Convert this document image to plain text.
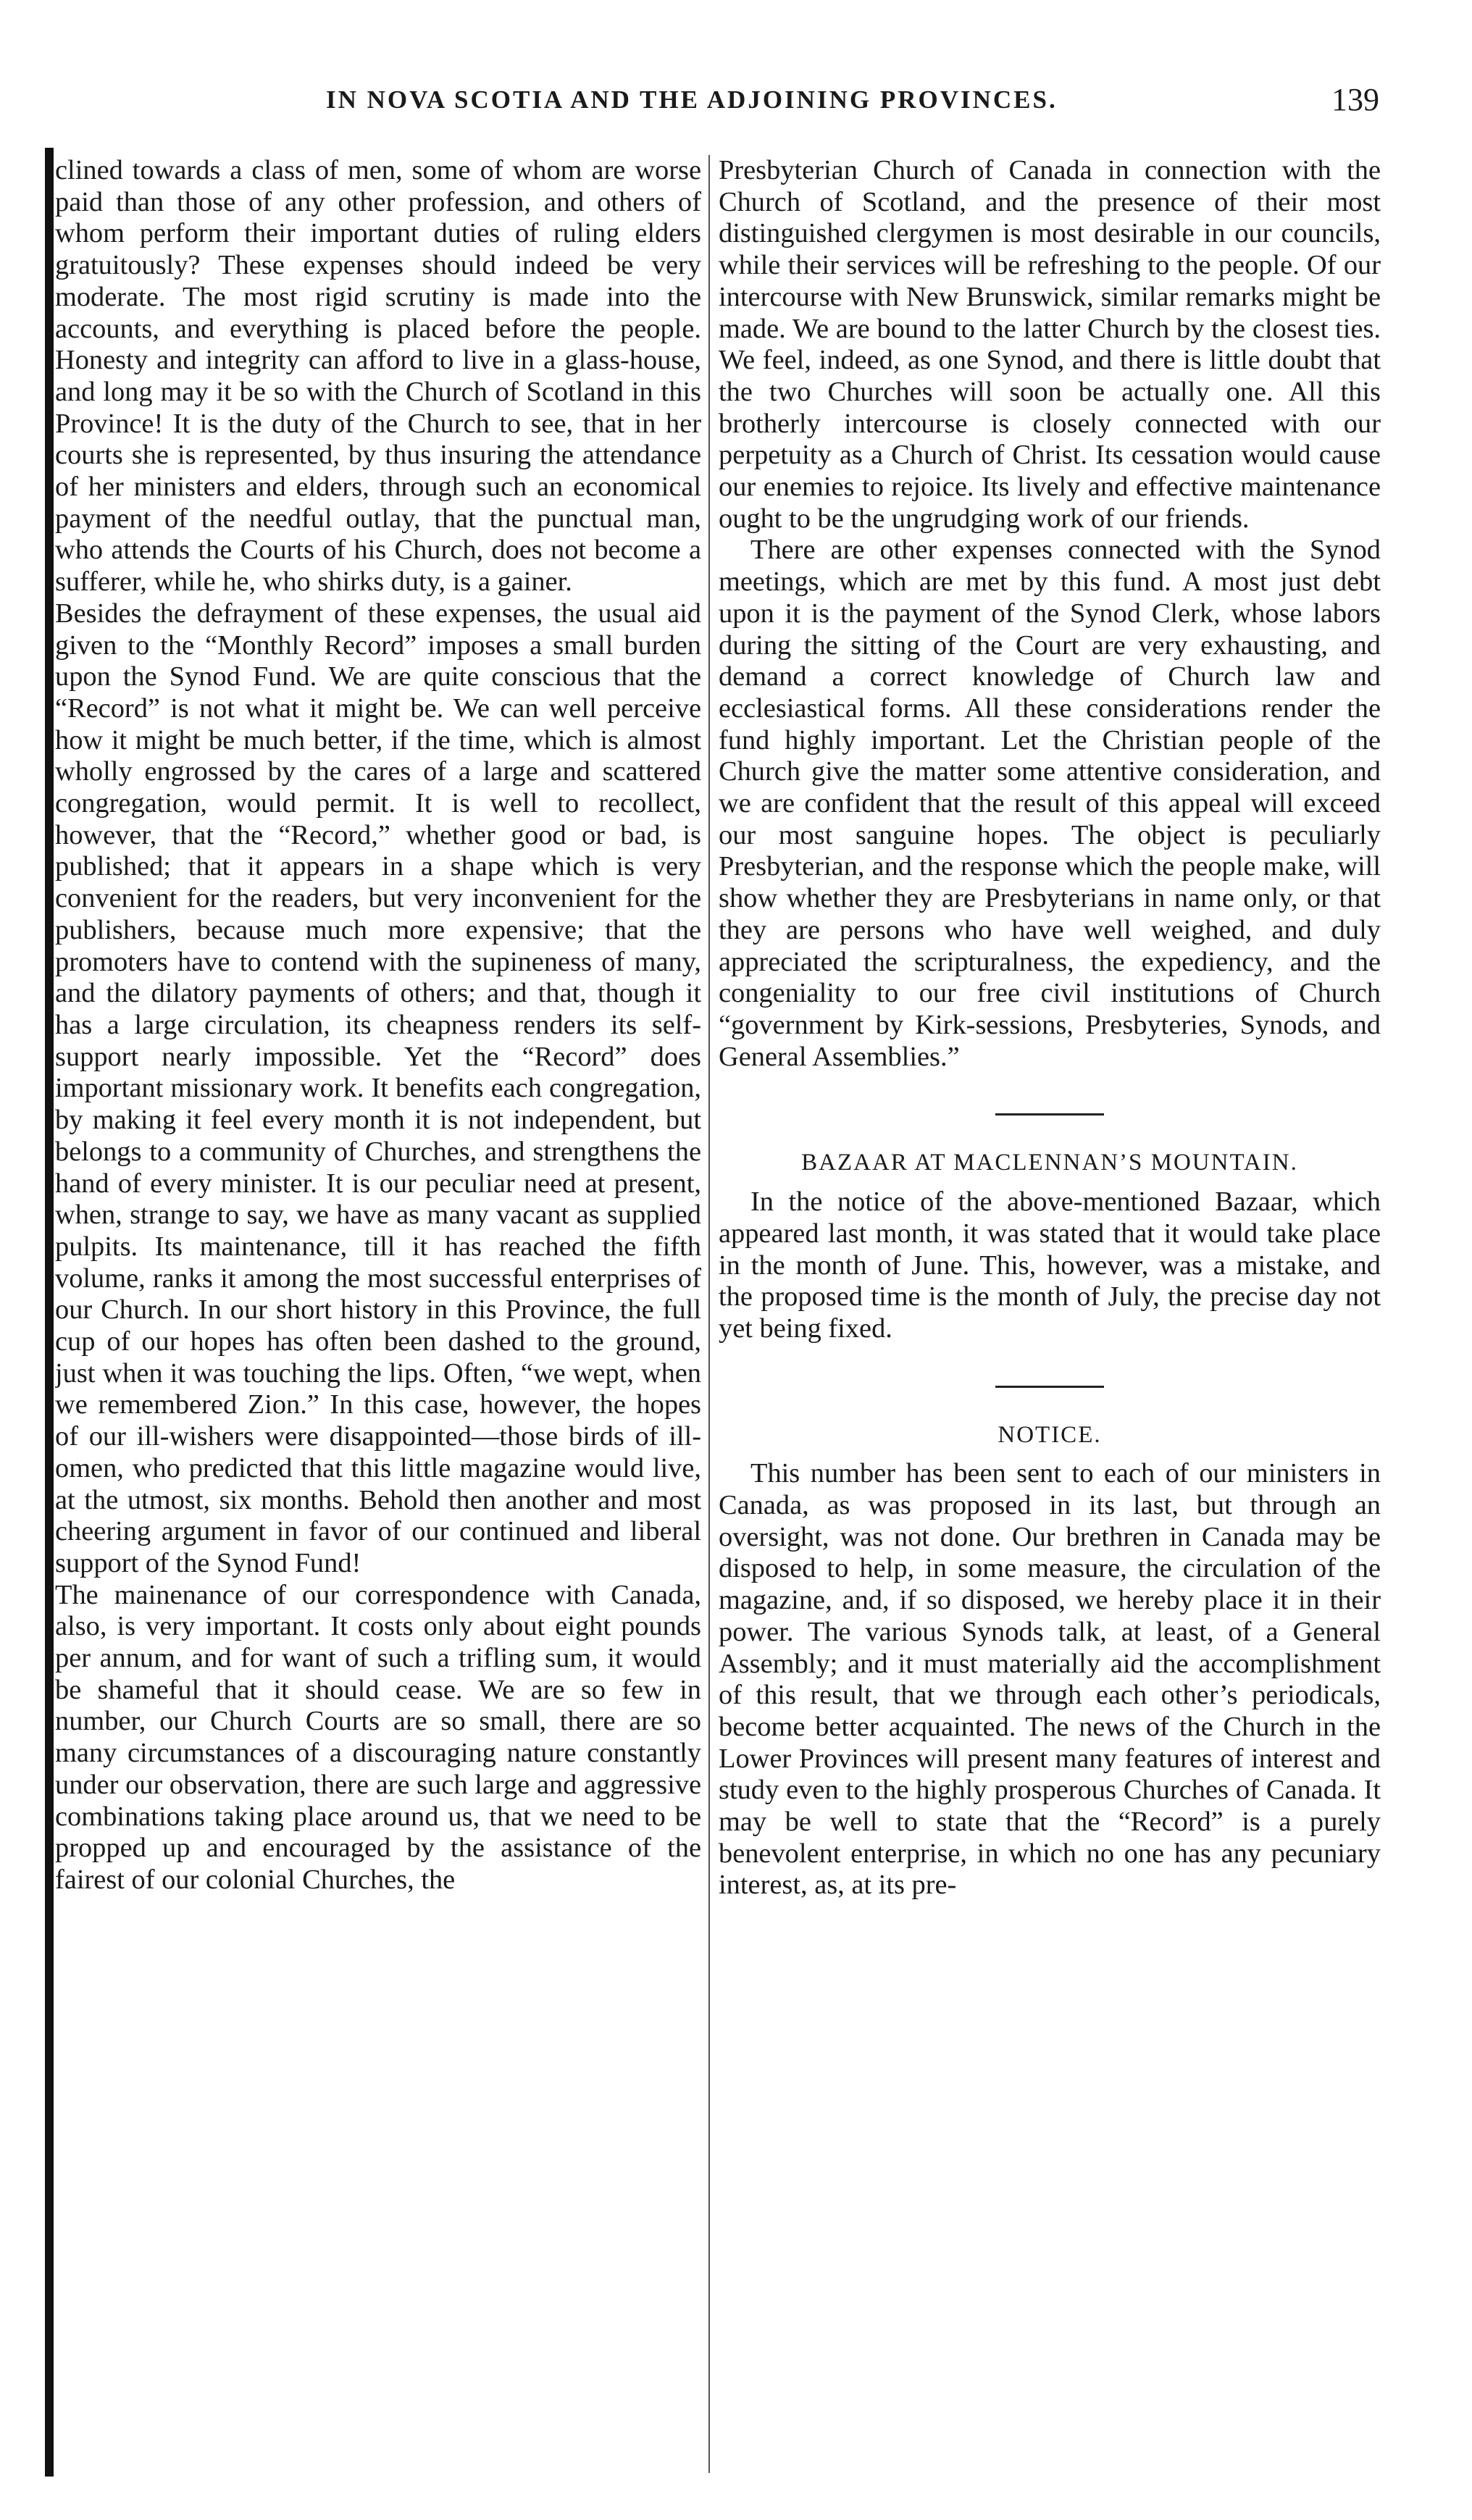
IN NOVA SCOTIA AND THE ADJOINING PROVINCES.	139

clined towards a class of men, some of whom are worse paid than those of any other profession, and others of whom perform their important duties of ruling elders gratuitously? These expenses should indeed be very moderate. The most rigid scrutiny is made into the accounts, and everything is placed before the people. Honesty and integrity can afford to live in a glass-house, and long may it be so with the Church of Scotland in this Province! It is the duty of the Church to see, that in her courts she is represented, by thus insuring the attendance of her ministers and elders, through such an economical payment of the needful outlay, that the punctual man, who attends the Courts of his Church, does not become a sufferer, while he, who shirks duty, is a gainer.

Besides the defrayment of these expenses, the usual aid given to the “Monthly Record” imposes a small burden upon the Synod Fund. We are quite conscious that the “Record” is not what it might be. We can well perceive how it might be much better, if the time, which is almost wholly engrossed by the cares of a large and scattered congregation, would permit. It is well to recollect, however, that the “Record,” whether good or bad, is published; that it appears in a shape which is very convenient for the readers, but very inconvenient for the publishers, because much more expensive; that the promoters have to contend with the supineness of many, and the dilatory payments of others; and that, though it has a large circulation, its cheapness renders its self-support nearly impossible. Yet the “Record” does important missionary work. It benefits each congregation, by making it feel every month it is not independent, but belongs to a community of Churches, and strengthens the hand of every minister. It is our peculiar need at present, when, strange to say, we have as many vacant as supplied pulpits. Its maintenance, till it has reached the fifth volume, ranks it among the most successful enterprises of our Church. In our short history in this Province, the full cup of our hopes has often been dashed to the ground, just when it was touching the lips. Often, “we wept, when we remembered Zion.” In this case, however, the hopes of our ill-wishers were disappointed—those birds of ill-omen, who predicted that this little magazine would live, at the utmost, six months. Behold then another and most cheering argument in favor of our continued and liberal support of the Synod Fund!

The mainenance of our correspondence with Canada, also, is very important. It costs only about eight pounds per annum, and for want of such a trifling sum, it would be shameful that it should cease. We are so few in number, our Church Courts are so small, there are so many circumstances of a discouraging nature constantly under our observation, there are such large and aggressive combinations taking place around us, that we need to be propped up and encouraged by the assistance of the fairest of our colonial Churches, the

Presbyterian Church of Canada in connection with the Church of Scotland, and the presence of their most distinguished clergymen is most desirable in our councils, while their services will be refreshing to the people. Of our intercourse with New Brunswick, similar remarks might be made. We are bound to the latter Church by the closest ties. We feel, indeed, as one Synod, and there is little doubt that the two Churches will soon be actually one. All this brotherly intercourse is closely connected with our perpetuity as a Church of Christ. Its cessation would cause our enemies to rejoice. Its lively and effective maintenance ought to be the ungrudging work of our friends.

There are other expenses connected with the Synod meetings, which are met by this fund. A most just debt upon it is the payment of the Synod Clerk, whose labors during the sitting of the Court are very exhausting, and demand a correct knowledge of Church law and ecclesiastical forms. All these considerations render the fund highly important. Let the Christian people of the Church give the matter some attentive consideration, and we are confident that the result of this appeal will exceed our most sanguine hopes. The object is peculiarly Presbyterian, and the response which the people make, will show whether they are Presbyterians in name only, or that they are persons who have well weighed, and duly appreciated the scripturalness, the expediency, and the congeniality to our free civil institutions of Church “government by Kirk-sessions, Presbyteries, Synods, and General Assemblies.”

BAZAAR AT MACLENNAN’S MOUNTAIN.

In the notice of the above-mentioned Bazaar, which appeared last month, it was stated that it would take place in the month of June. This, however, was a mistake, and the proposed time is the month of July, the precise day not yet being fixed.

NOTICE.

This number has been sent to each of our ministers in Canada, as was proposed in its last, but through an oversight, was not done. Our brethren in Canada may be disposed to help, in some measure, the circulation of the magazine, and, if so disposed, we hereby place it in their power. The various Synods talk, at least, of a General Assembly; and it must materially aid the accomplishment of this result, that we through each other’s periodicals, become better acquainted. The news of the Church in the Lower Provinces will present many features of interest and study even to the highly prosperous Churches of Canada. It may be well to state that the “Record” is a purely benevolent enterprise, in which no one has any pecuniary interest, as, at its pre-
